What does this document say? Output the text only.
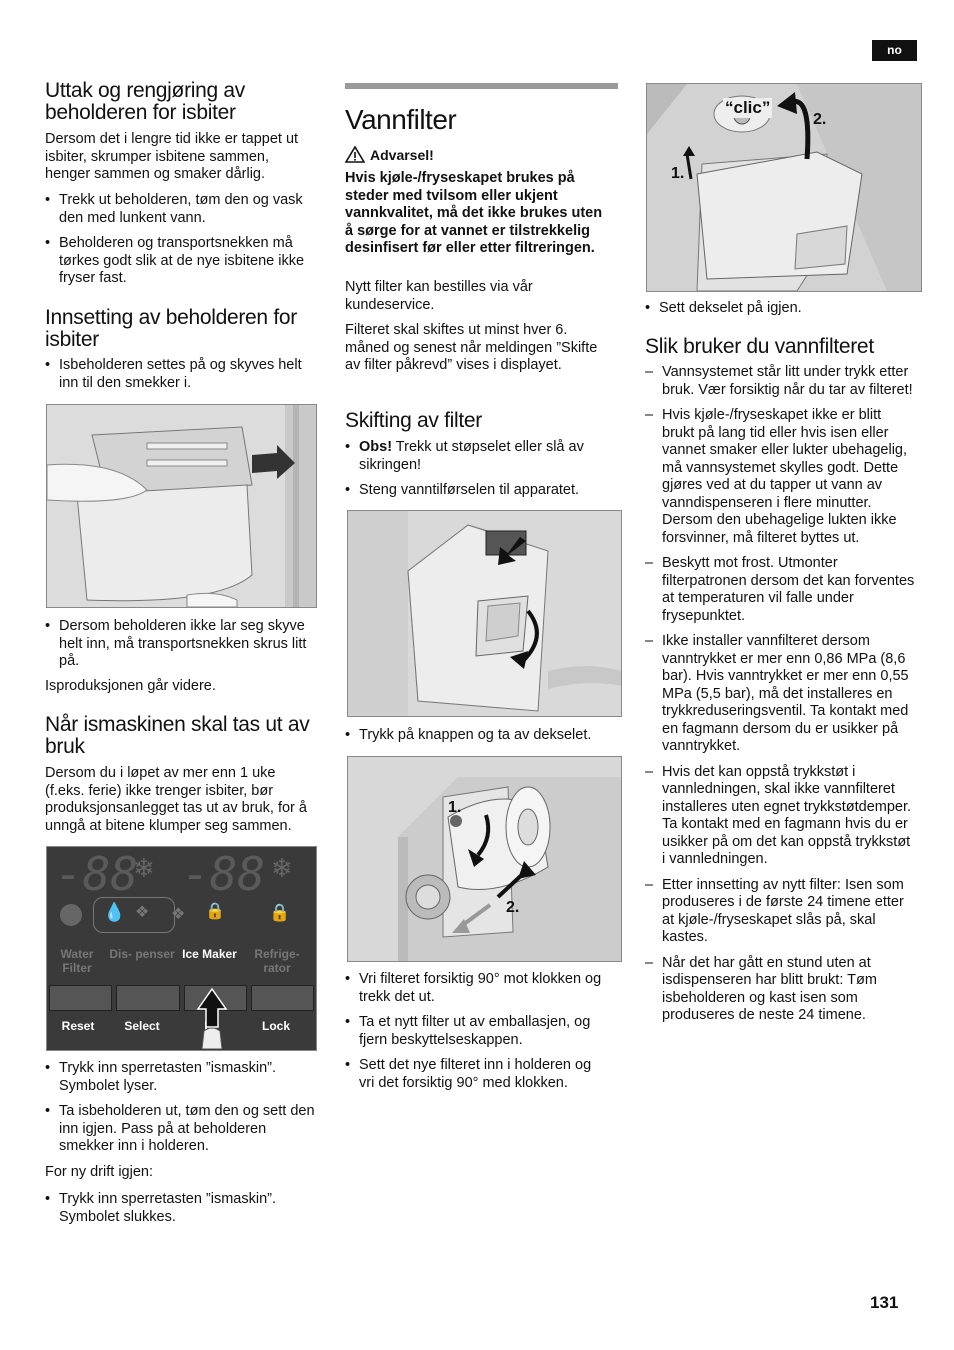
no
131
Uttak og rengjøring av beholderen for isbiter

Dersom det i lengre tid ikke er tappet ut isbiter, skrumper isbitene sammen, henger sammen og smaker dårlig.

• Trekk ut beholderen, tøm den og vask den med lunkent vann.
• Beholderen og transportsnekken må tørkes godt slik at de nye isbitene ikke fryser fast.
Innsetting av beholderen for isbiter
• Isbeholderen settes på og skyves helt inn til den smekker i.
• Dersom beholderen ikke lar seg skyve helt inn, må transportsnekken skrus litt på.

Isproduksjonen går videre.

Når ismaskinen skal tas ut av bruk

Dersom du i løpet av mer enn 1 uke (f.eks. ferie) ikke trenger isbiter, bør produksjonsanlegget tas ut av bruk, for å unngå at bitene klumper seg sammen.

-88 -88
❄	❄
💧 ❖ ❖ 🔒	🔒
Water Filter
Dis- penser Ice Maker	Refrige- rator
Reset	Select	Lock
• Trykk inn sperretasten ”ismaskin”. Symbolet lyser.
• Ta isbeholderen ut, tøm den og sett den inn igjen. Pass på at beholderen smekker inn i holderen.

For ny drift igjen:

• Trykk inn sperretasten ”ismaskin”. Symbolet slukkes.
Vannfilter
Advarsel!

Hvis kjøle-/fryseskapet brukes på steder med tvilsom eller ukjent vannkvalitet, må det ikke brukes uten å sørge for at vannet er tilstrekkelig desinfisert før eller etter filtreringen.

Nytt filter kan bestilles via vår kundeservice.

Filteret skal skiftes ut minst hver 6. måned og senest når meldingen ”Skifte av filter påkrevd” vises i displayet.

Skifting av filter
• Obs! Trekk ut støpselet eller slå av sikringen!
• Steng vanntilførselen til apparatet.
• Trykk på knappen og ta av dekselet.
1.
2.
• Vri filteret forsiktig 90° mot klokken og trekk det ut.
• Ta et nytt filter ut av emballasjen, og fjern beskyttelseskappen.
• Sett det nye filteret inn i holderen og vri det forsiktig 90° med klokken.
“clic”
2.
1.
• Sett dekselet på igjen.
Slik bruker du vannfilteret
– Vannsystemet står litt under trykk etter bruk. Vær forsiktig når du tar av filteret!
– Hvis kjøle-/fryseskapet ikke er blitt brukt på lang tid eller hvis isen eller vannet smaker eller lukter ubehagelig, må vannsystemet skylles godt. Dette gjøres ved at du tapper ut vann av vanndispenseren i flere minutter. Dersom den ubehagelige lukten ikke forsvinner, må filteret byttes ut.
– Beskytt mot frost. Utmonter filterpatronen dersom det kan forventes at temperaturen vil falle under frysepunktet.
– Ikke installer vannfilteret dersom vanntrykket er mer enn 0,86 MPa (8,6 bar). Hvis vanntrykket er mer enn 0,55 MPa (5,5 bar), må det installeres en trykkreduseringsventil. Ta kontakt med en fagmann dersom du er usikker på vanntrykket.
– Hvis det kan oppstå trykkstøt i vannledningen, skal ikke vannfilteret installeres uten egnet trykkstøtdemper. Ta kontakt med en fagmann hvis du er usikker på om det kan oppstå trykkstøt i vannledningen.
– Etter innsetting av nytt filter: Isen som produseres i de første 24 timene etter at kjøle-/fryseskapet slås på, skal kastes.
– Når det har gått en stund uten at isdispenseren har blitt brukt: Tøm isbeholderen og kast isen som produseres de neste 24 timene.
